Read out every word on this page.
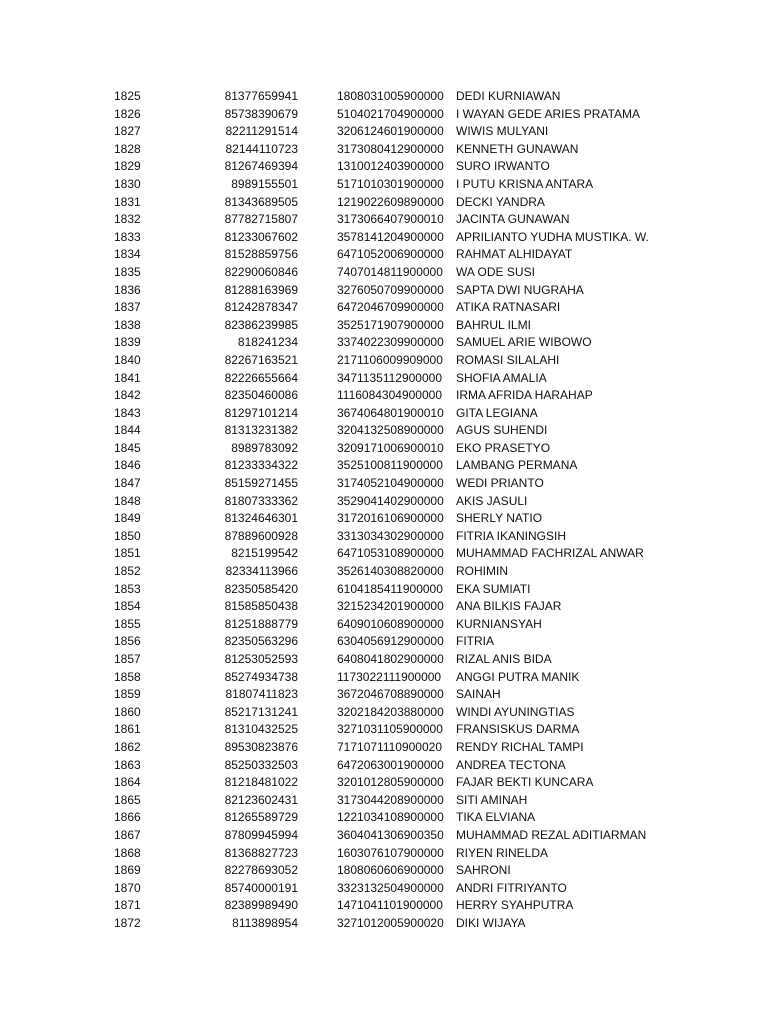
1825	81377659941	1808031005900000 DEDI KURNIAWAN
1826	85738390679	5104021704900000 I WAYAN GEDE ARIES PRATAMA
1827	82211291514	3206124601900000 WIWIS MULYANI
1828	82144110723	3173080412900000 KENNETH GUNAWAN
1829	81267469394	1310012403900000 SURO IRWANTO
1830	8989155501	5171010301900000 I PUTU KRISNA ANTARA
1831	81343689505	1219022609890000 DECKI YANDRA
1832	87782715807	3173066407900010 JACINTA GUNAWAN
1833	81233067602	3578141204900000 APRILIANTO YUDHA MUSTIKA. W.
1834	81528859756	6471052006900000 RAHMAT ALHIDAYAT
1835	82290060846	7407014811900000 WA ODE SUSI
1836	81288163969	3276050709900000 SAPTA DWI NUGRAHA
1837	81242878347	6472046709900000 ATIKA RATNASARI
1838	82386239985	3525171907900000 BAHRUL ILMI
1839	818241234	3374022309900000 SAMUEL ARIE WIBOWO
1840	82267163521	2171106009909000 ROMASI SILALAHI
1841	82226655664	3471135112900000 SHOFIA AMALIA
1842	82350460086	1116084304900000 IRMA AFRIDA HARAHAP
1843	81297101214	3674064801900010 GITA LEGIANA
1844	81313231382	3204132508900000 AGUS SUHENDI
1845	8989783092	3209171006900010 EKO PRASETYO
1846	81233334322	3525100811900000 LAMBANG PERMANA
1847	85159271455	3174052104900000 WEDI PRIANTO
1848	81807333362	3529041402900000 AKIS JASULI
1849	81324646301	3172016106900000 SHERLY NATIO
1850	87889600928	3313034302900000 FITRIA IKANINGSIH
1851	8215199542	6471053108900000 MUHAMMAD FACHRIZAL ANWAR
1852	82334113966	3526140308820000 ROHIMIN
1853	82350585420	6104185411900000 EKA SUMIATI
1854	81585850438	3215234201900000 ANA BILKIS FAJAR
1855	81251888779	6409010608900000 KURNIANSYAH
1856	82350563296	6304056912900000 FITRIA
1857	81253052593	6408041802900000 RIZAL ANIS BIDA
1858	85274934738	1173022111900000 ANGGI PUTRA MANIK
1859	81807411823	3672046708890000 SAINAH
1860	85217131241	3202184203880000 WINDI AYUNINGTIAS
1861	81310432525	3271031105900000 FRANSISKUS DARMA
1862	89530823876	7171071110900020 RENDY RICHAL TAMPI
1863	85250332503	6472063001900000 ANDREA TECTONA
1864	81218481022	3201012805900000 FAJAR BEKTI KUNCARA
1865	82123602431	3173044208900000 SITI AMINAH
1866	81265589729	1221034108900000 TIKA ELVIANA
1867	87809945994	3604041306900350 MUHAMMAD REZAL ADITIARMAN
1868	81368827723	1603076107900000 RIYEN RINELDA
1869	82278693052	1808060606900000 SAHRONI
1870	85740000191	3323132504900000 ANDRI FITRIYANTO
1871	82389989490	1471041101900000 HERRY SYAHPUTRA
1872	8113898954	3271012005900020 DIKI WIJAYA
